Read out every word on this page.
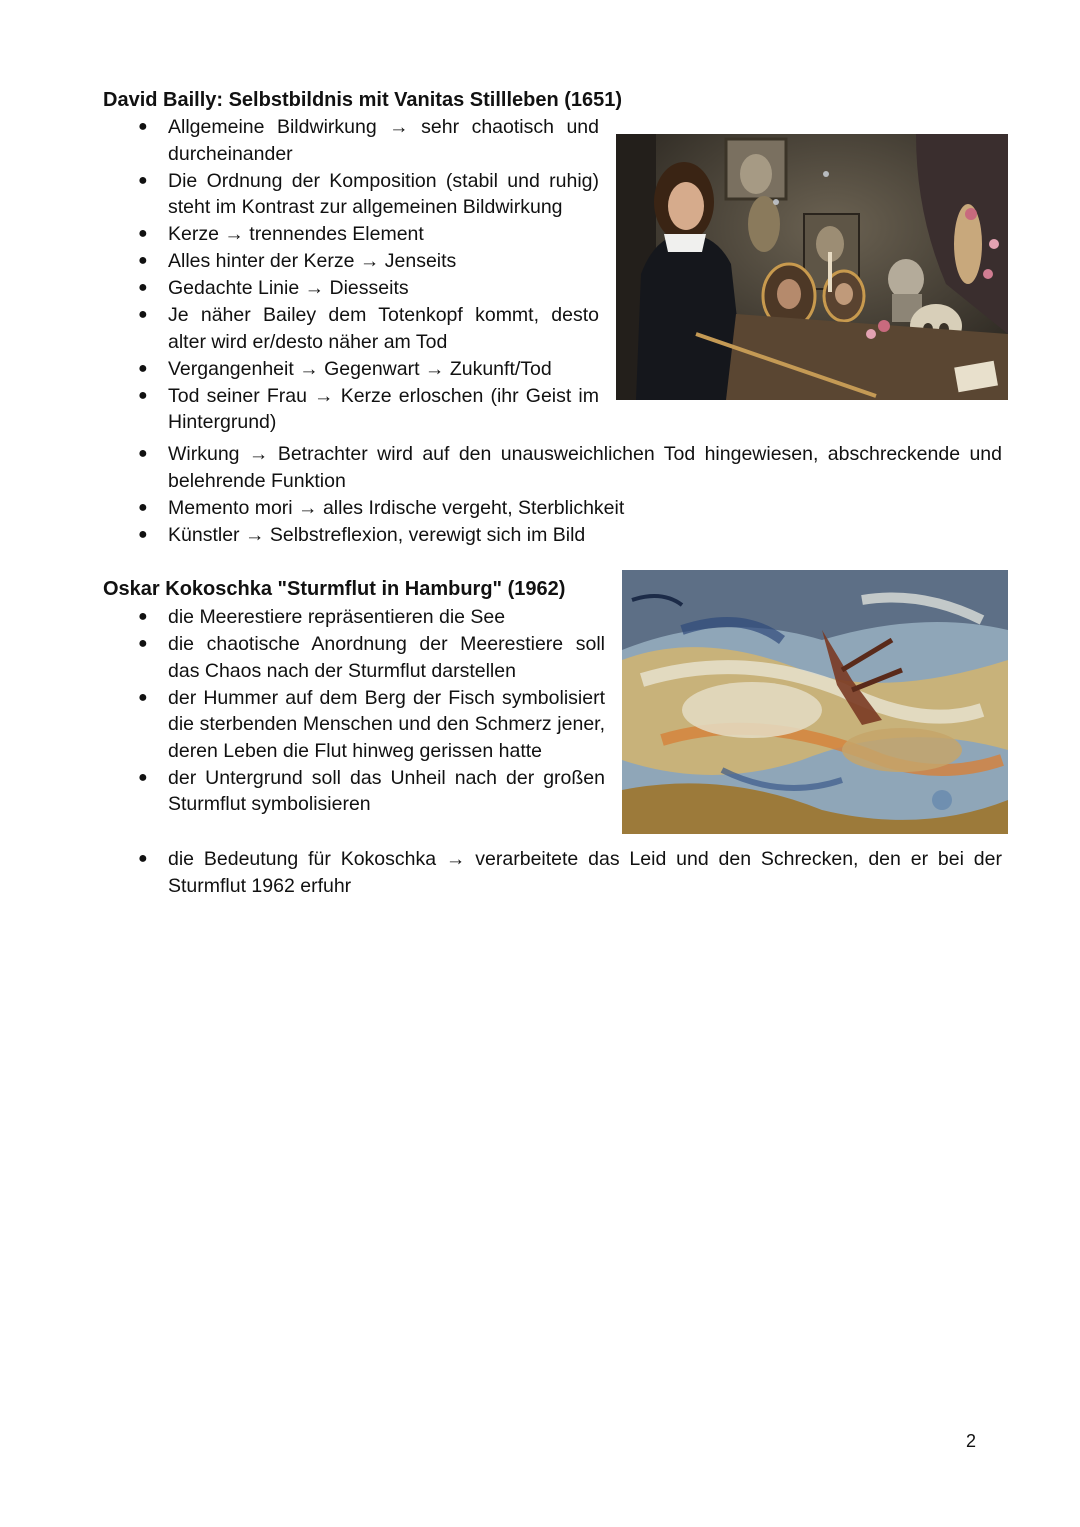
David Bailly: Selbstbildnis mit Vanitas Stillleben (1651)
● Allgemeine Bildwirkung → sehr chaotisch und durcheinander
● Die Ordnung der Komposition (stabil und ruhig) steht im Kontrast zur allgemeinen Bildwirkung
● Kerze → trennendes Element
● Alles hinter der Kerze → Jenseits
● Gedachte Linie → Diesseits
● Je näher Bailey dem Totenkopf kommt, desto alter wird er/desto näher am Tod
● Vergangenheit → Gegenwart → Zukunft/Tod
● Tod seiner Frau → Kerze erloschen (ihr Geist im Hintergrund)
● Wirkung → Betrachter wird auf den unausweichlichen Tod hingewiesen, abschreckende und belehrende Funktion
● Memento mori → alles Irdische vergeht, Sterblichkeit
● Künstler → Selbstreflexion, verewigt sich im Bild
Oskar Kokoschka "Sturmflut in Hamburg" (1962)
● die Meerestiere repräsentieren die See
● die chaotische Anordnung der Meerestiere soll das Chaos nach der Sturmflut darstellen
● der Hummer auf dem Berg der Fisch symbolisiert die sterbenden Menschen und den Schmerz jener, deren Leben die Flut hinweg gerissen hatte
● der Untergrund soll das Unheil nach der großen Sturmflut symbolisieren
● die Bedeutung für Kokoschka → verarbeitete das Leid und den Schrecken, den er bei der Sturmflut 1962 erfuhr
2
